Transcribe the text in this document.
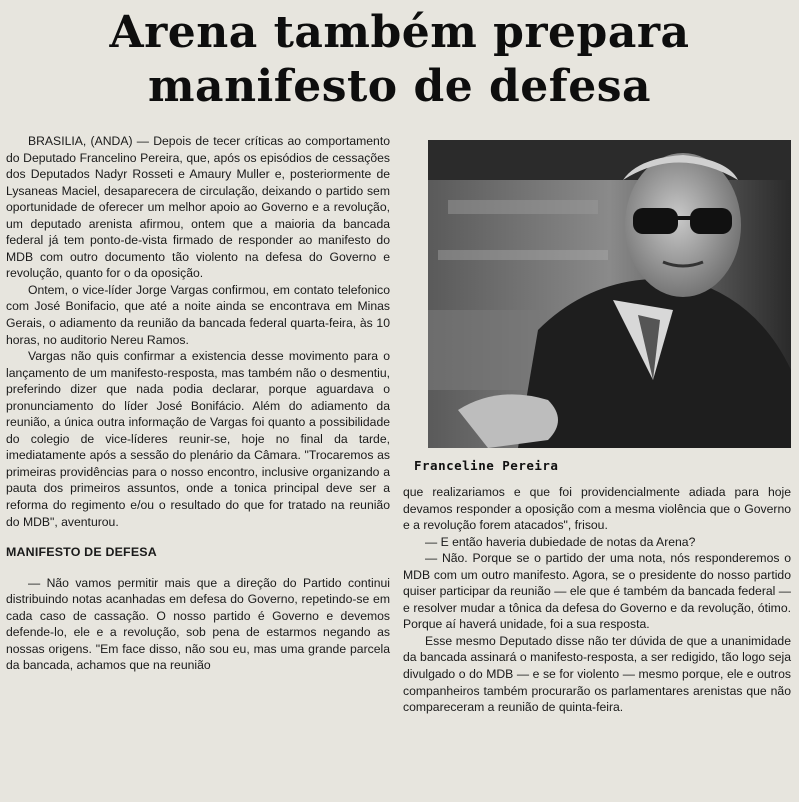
Arena também prepara
manifesto de defesa

BRASILIA, (ANDA) — Depois de tecer críticas ao comportamento do Deputado Francelino Pereira, que, após os episódios de cessações dos Deputados Nadyr Rosseti e Amaury Muller e, posteriormente de Lysaneas Maciel, desaparecera de circulação, deixando o partido sem oportunidade de oferecer um melhor apoio ao Governo e a revolução, um deputado arenista afirmou, ontem que a maioria da bancada federal já tem ponto-de-vista firmado de responder ao manifesto do MDB com outro documento tão violento na defesa do Governo e revolução, quanto for o da oposição.

Ontem, o vice-líder Jorge Vargas confirmou, em contato telefonico com José Bonifacio, que até a noite ainda se encontrava em Minas Gerais, o adiamento da reunião da bancada federal quarta-feira, às 10 horas, no auditorio Nereu Ramos.

Vargas não quis confirmar a existencia desse movimento para o lançamento de um manifesto-resposta, mas também não o desmentiu, preferindo dizer que nada podia declarar, porque aguardava o pronunciamento do líder José Bonifácio. Além do adiamento da reunião, a única outra informação de Vargas foi quanto a possibilidade do colegio de vice-líderes reunir-se, hoje no final da tarde, imediatamente após a sessão do plenário da Câmara. "Trocaremos as primeiras providências para o nosso encontro, inclusive organizando a pauta dos primeiros assuntos, onde a tonica principal deve ser a reforma do regimento e/ou o resultado do que for tratado na reunião do MDB", aventurou.

MANIFESTO DE DEFESA

— Não vamos permitir mais que a direção do Partido continui distribuindo notas acanhadas em defesa do Governo, repetindo-se em cada caso de cassação. O nosso partido é Governo e devemos defende-lo, ele e a revolução, sob pena de estarmos negando as nossas origens. "Em face disso, não sou eu, mas uma grande parcela da bancada, achamos que na reunião

Franceline Pereira

que realizariamos e que foi providencialmente adiada para hoje devamos responder a oposição com a mesma violência que o Governo e a revolução forem atacados", frisou.

— E então haveria dubiedade de notas da Arena?

— Não. Porque se o partido der uma nota, nós responderemos o MDB com um outro manifesto. Agora, se o presidente do nosso partido quiser participar da reunião — ele que é também da bancada federal — e resolver mudar a tônica da defesa do Governo e da revolução, ótimo. Porque aí haverá unidade, foi a sua resposta.

Esse mesmo Deputado disse não ter dúvida de que a unanimidade da bancada assinará o manifesto-resposta, a ser redigido, tão logo seja divulgado o do MDB — e se for violento — mesmo porque, ele e outros companheiros também procurarão os parlamentares arenistas que não compareceram a reunião de quinta-feira.
